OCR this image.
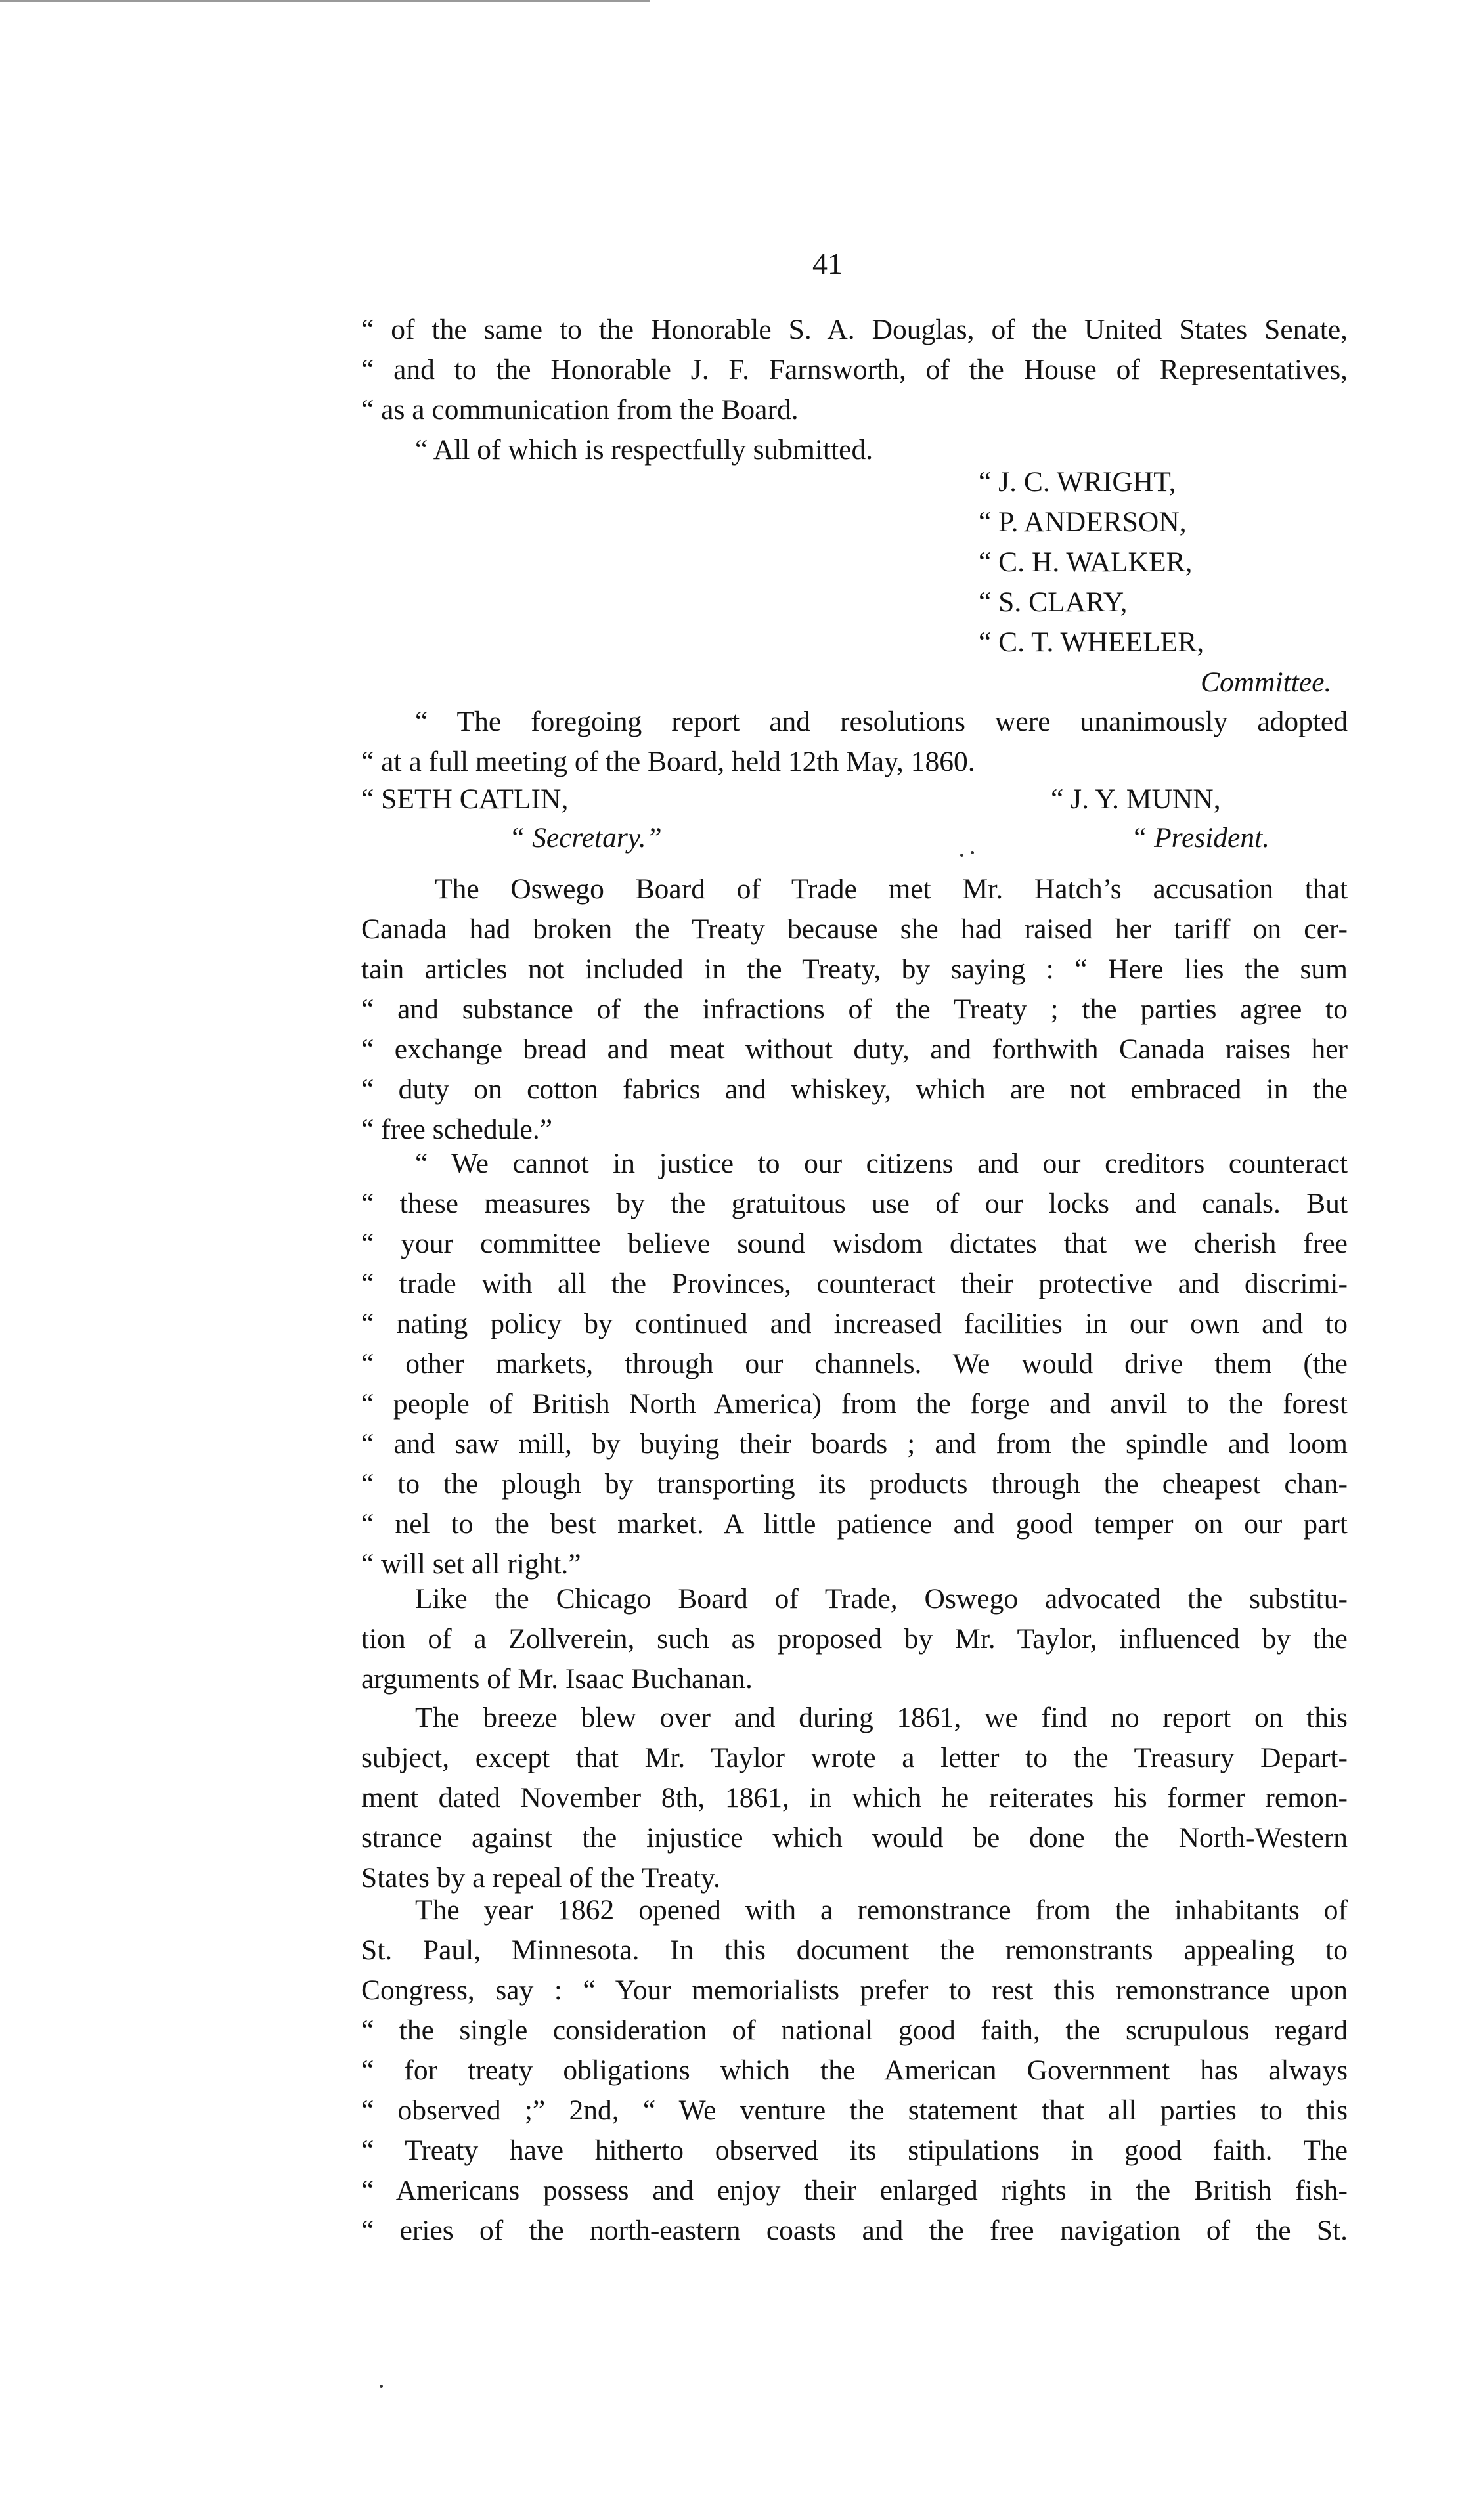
41
“ of the same to the Honorable S. A. Douglas, of the United States Senate,
“ and to the Honorable J. F. Farnsworth, of the House of Representatives,
“ as a communication from the Board.
“ All of which is respectfully submitted.
“ J. C. WRIGHT,
“ P. ANDERSON,
“ C. H. WALKER,
“ S. CLARY,
“ C. T. WHEELER,
Committee.
“ The foregoing report and resolutions were unanimously adopted
“ at a full meeting of the Board, held 12th May, 1860.
“ SETH CATLIN,	“ J. Y. MUNN,
“ Secretary.”	“ President.
The Oswego Board of Trade met Mr. Hatch’s accusation that
Canada had broken the Treaty because she had raised her tariff on cer-
tain articles not included in the Treaty, by saying : “ Here lies the sum
“ and substance of the infractions of the Treaty ; the parties agree to
“ exchange bread and meat without duty, and forthwith Canada raises her
“ duty on cotton fabrics and whiskey, which are not embraced in the
“ free schedule.”
“ We cannot in justice to our citizens and our creditors counteract
“ these measures by the gratuitous use of our locks and canals. But
“ your committee believe sound wisdom dictates that we cherish free
“ trade with all the Provinces, counteract their protective and discrimi-
“ nating policy by continued and increased facilities in our own and to
“ other markets, through our channels. We would drive them (the
“ people of British North America) from the forge and anvil to the forest
“ and saw mill, by buying their boards ; and from the spindle and loom
“ to the plough by transporting its products through the cheapest chan-
“ nel to the best market. A little patience and good temper on our part
“ will set all right.”
Like the Chicago Board of Trade, Oswego advocated the substitu-
tion of a Zollverein, such as proposed by Mr. Taylor, influenced by the
arguments of Mr. Isaac Buchanan.
The breeze blew over and during 1861, we find no report on this
subject, except that Mr. Taylor wrote a letter to the Treasury Depart-
ment dated November 8th, 1861, in which he reiterates his former remon-
strance against the injustice which would be done the North-Western
States by a repeal of the Treaty.
The year 1862 opened with a remonstrance from the inhabitants of
St. Paul, Minnesota. In this document the remonstrants appealing to
Congress, say : “ Your memorialists prefer to rest this remonstrance upon
“ the single consideration of national good faith, the scrupulous regard
“ for treaty obligations which the American Government has always
“ observed ;” 2nd, “ We venture the statement that all parties to this
“ Treaty have hitherto observed its stipulations in good faith. The
“ Americans possess and enjoy their enlarged rights in the British fish-
“ eries of the north-eastern coasts and the free navigation of the St.
